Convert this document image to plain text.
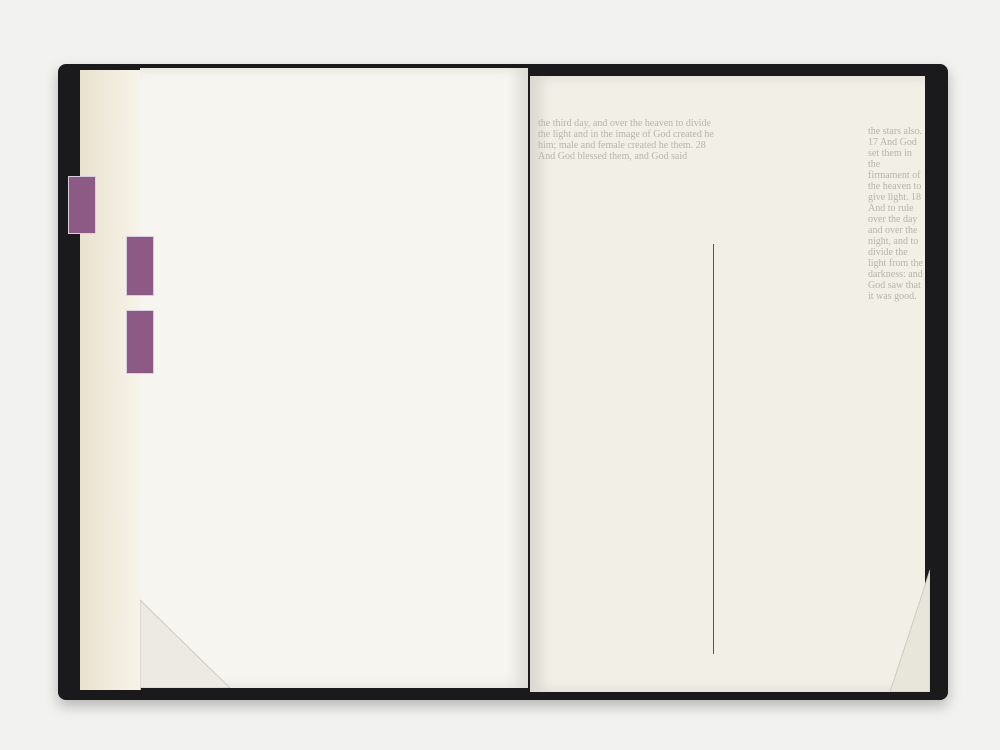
the third day, and over the heaven to divide the light and in the image of God created he him; male and female created he them. 28 And God blessed them, and God said
the stars also. 17 And God set them in the firmament of the heaven to give light. 18 And to rule over the day and over the night, and to divide the light from the darkness: and God saw that it was good.
